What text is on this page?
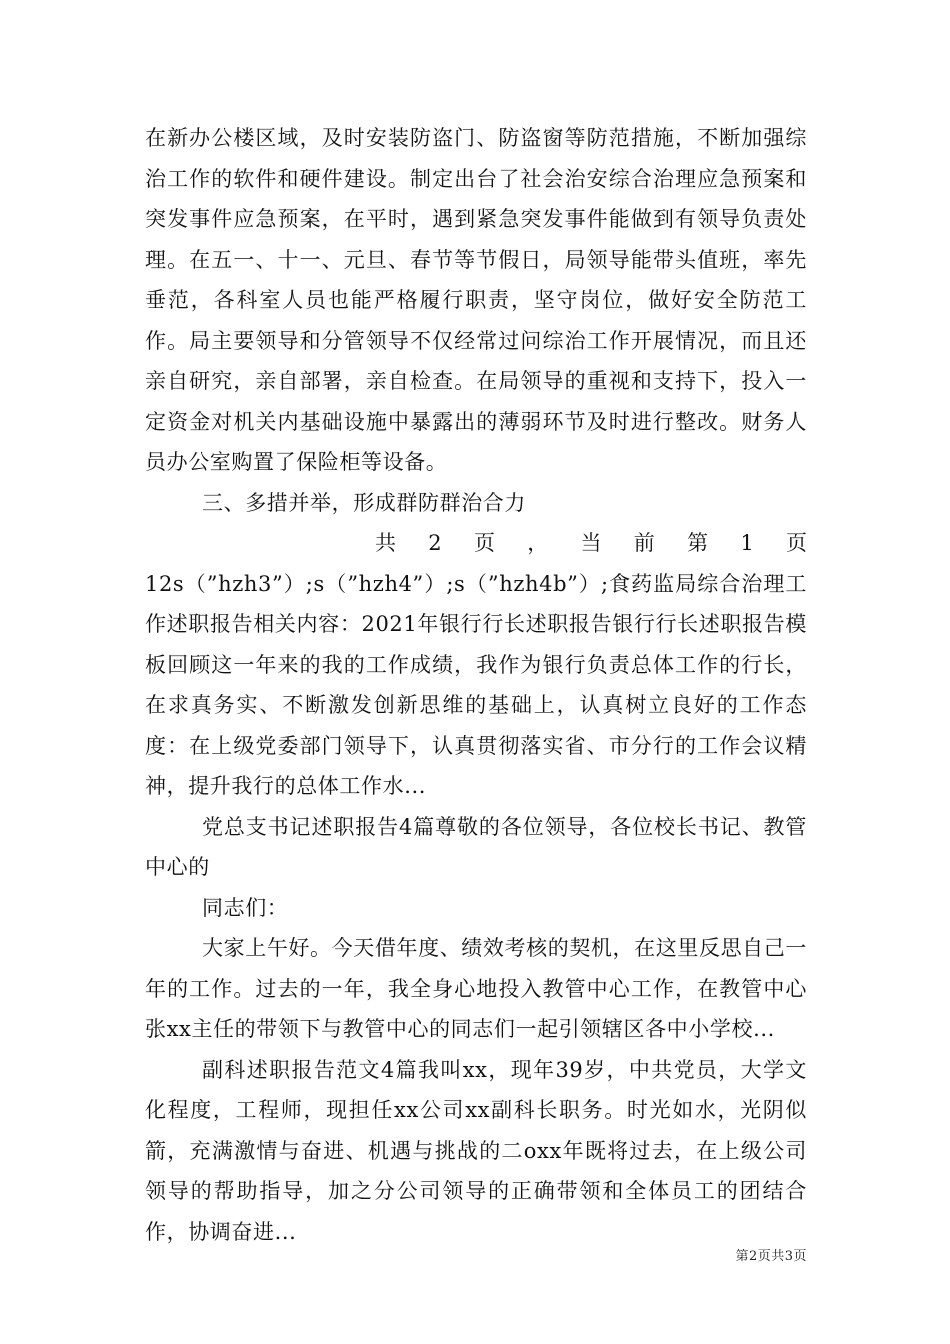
在新办公楼区域，及时安装防盗门、防盗窗等防范措施，不断加强综治工作的软件和硬件建设。制定出台了社会治安综合治理应急预案和突发事件应急预案，在平时，遇到紧急突发事件能做到有领导负责处理。在五一、十一、元旦、春节等节假日，局领导能带头值班，率先垂范，各科室人员也能严格履行职责，坚守岗位，做好安全防范工作。局主要领导和分管领导不仅经常过问综治工作开展情况，而且还亲自研究，亲自部署，亲自检查。在局领导的重视和支持下，投入一定资金对机关内基础设施中暴露出的薄弱环节及时进行整改。财务人员办公室购置了保险柜等设备。

三、多措并举，形成群防群治合力

共 2 页 ， 当 前 第 1 页

12s（”hzh3”）;s（”hzh4”）;s（”hzh4b”）;食药监局综合治理工作述职报告相关内容：2021年银行行长述职报告银行行长述职报告模板回顾这一年来的我的工作成绩，我作为银行负责总体工作的行长，在求真务实、不断激发创新思维的基础上，认真树立良好的工作态度：在上级党委部门领导下，认真贯彻落实省、市分行的工作会议精神，提升我行的总体工作水...

党总支书记述职报告4篇尊敬的各位领导，各位校长书记、教管中心的

同志们：

大家上午好。今天借年度、绩效考核的契机，在这里反思自己一年的工作。过去的一年，我全身心地投入教管中心工作，在教管中心张xx主任的带领下与教管中心的同志们一起引领辖区各中小学校...

副科述职报告范文4篇我叫xx，现年39岁，中共党员，大学文化程度，工程师，现担任xx公司xx副科长职务。时光如水，光阴似箭，充满激情与奋进、机遇与挑战的二oxx年既将过去，在上级公司领导的帮助指导，加之分公司领导的正确带领和全体员工的团结合作，协调奋进...

第2页共3页
